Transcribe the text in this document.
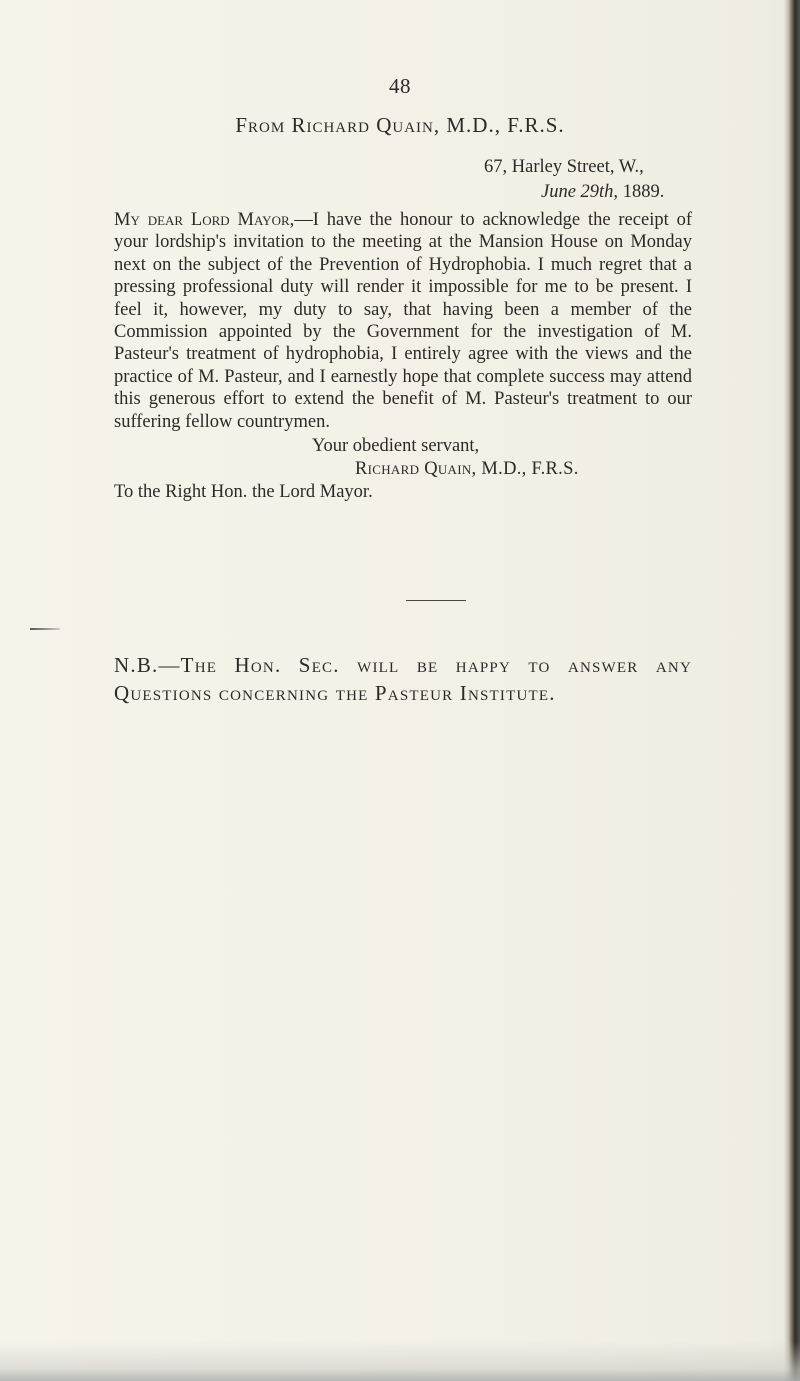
48
From Richard Quain, M.D., F.R.S.
67, Harley Street, W.,
June 29th, 1889.
My dear Lord Mayor,—I have the honour to acknowledge the receipt of your lordship's invitation to the meeting at the Mansion House on Monday next on the subject of the Prevention of Hydrophobia. I much regret that a pressing professional duty will render it impossible for me to be present. I feel it, however, my duty to say, that having been a member of the Commission appointed by the Government for the investigation of M. Pasteur's treatment of hydrophobia, I entirely agree with the views and the practice of M. Pasteur, and I earnestly hope that complete success may attend this generous effort to extend the benefit of M. Pasteur's treatment to our suffering fellow countrymen.
Your obedient servant,
Richard Quain, M.D., F.R.S.
To the Right Hon. the Lord Mayor.
N.B.—The Hon. Sec. will be happy to answer any Questions concerning the Pasteur Institute.
